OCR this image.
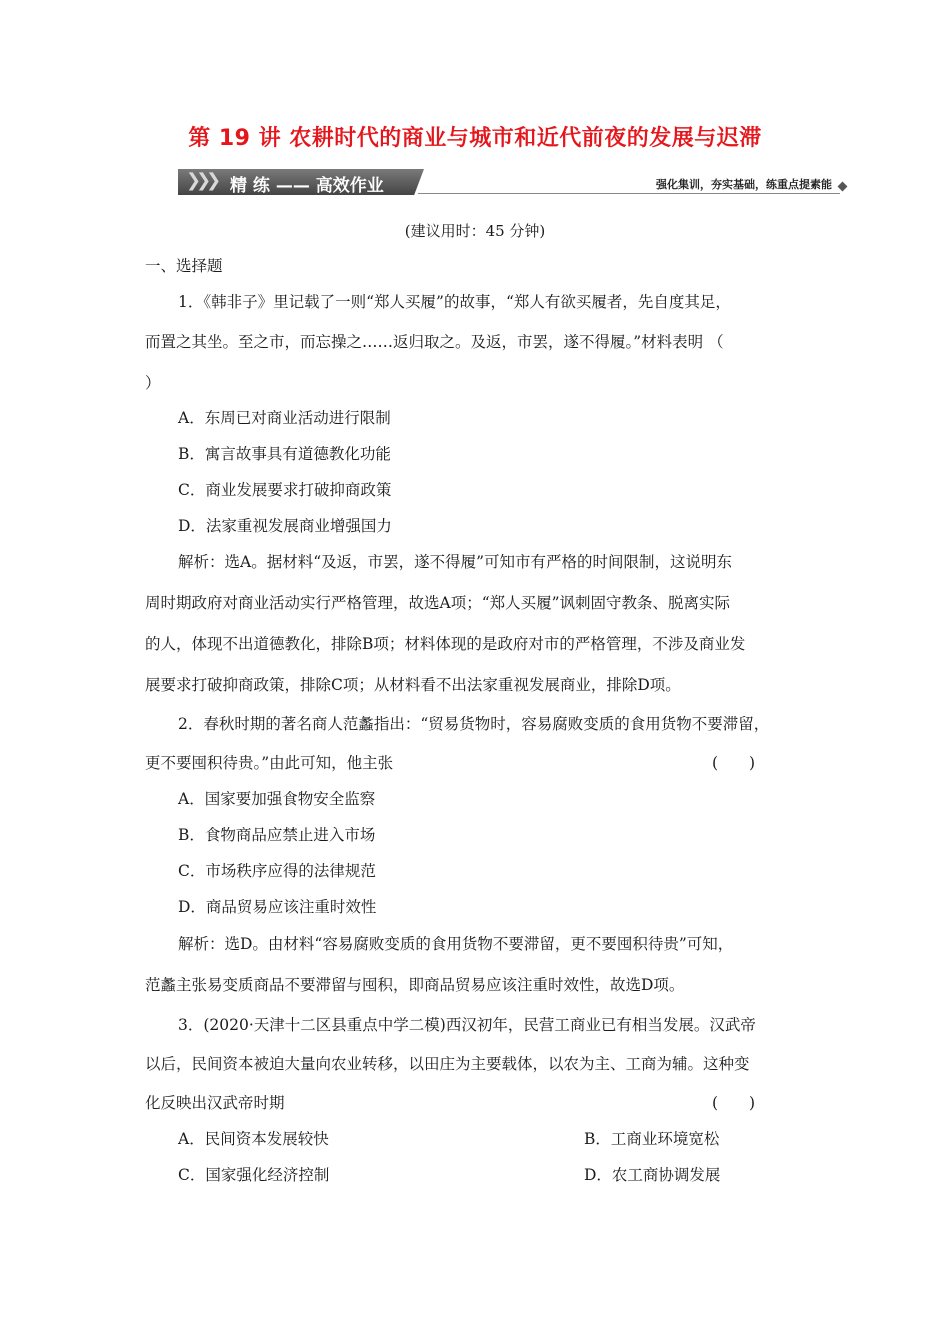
第 19 讲 农耕时代的商业与城市和近代前夜的发展与迟滞
❯❯❯ 精 练 —— 高效作业	强化集训，夯实基础，练重点提素能
(建议用时：45 分钟)
一、选择题
1．《韩非子》里记载了一则“郑人买履”的故事，“郑人有欲买履者，先自度其足，
而置之其坐。至之市，而忘操之……返归取之。及返，市罢，遂不得履。”材料表明 （
）
A．东周已对商业活动进行限制
B．寓言故事具有道德教化功能
C．商业发展要求打破抑商政策
D．法家重视发展商业增强国力
解析：选A。据材料“及返，市罢，遂不得履”可知市有严格的时间限制，这说明东
周时期政府对商业活动实行严格管理，故选A项；“郑人买履”讽刺固守教条、脱离实际
的人，体现不出道德教化，排除B项；材料体现的是政府对市的严格管理，不涉及商业发
展要求打破抑商政策，排除C项；从材料看不出法家重视发展商业，排除D项。
2．春秋时期的著名商人范蠡指出：“贸易货物时，容易腐败变质的食用货物不要滞留，
更不要囤积待贵。”由此可知，他主张	(　　)
A．国家要加强食物安全监察
B．食物商品应禁止进入市场
C．市场秩序应得的法律规范
D．商品贸易应该注重时效性
解析：选D。由材料“容易腐败变质的食用货物不要滞留，更不要囤积待贵”可知，
范蠡主张易变质商品不要滞留与囤积，即商品贸易应该注重时效性，故选D项。
3．(2020·天津十二区县重点中学二模)西汉初年，民营工商业已有相当发展。汉武帝
以后，民间资本被迫大量向农业转移，以田庄为主要载体，以农为主、工商为辅。这种变
化反映出汉武帝时期	(　　)
A．民间资本发展较快	B．工商业环境宽松
C．国家强化经济控制	D．农工商协调发展
